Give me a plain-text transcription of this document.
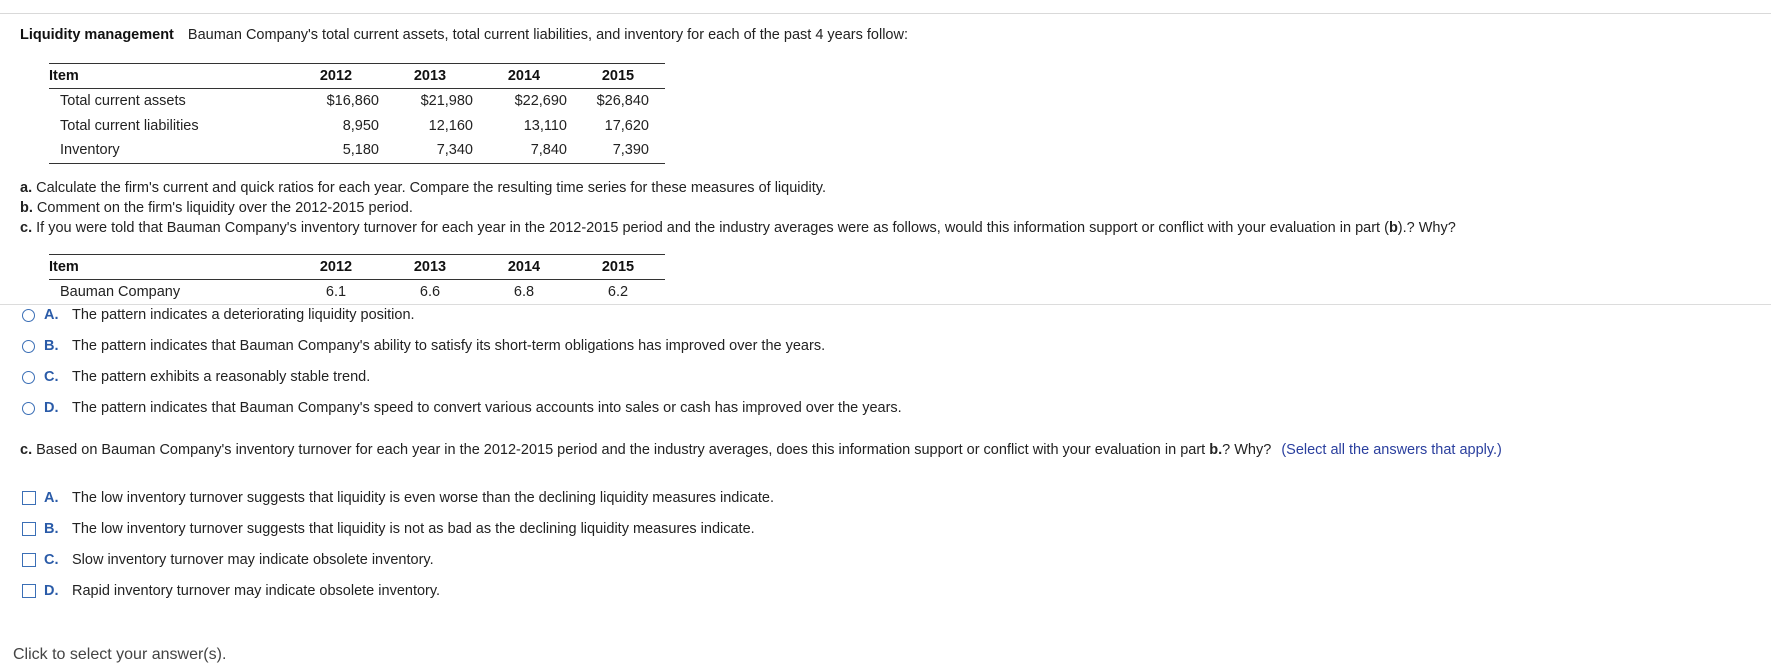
Liquidity management Bauman Company's total current assets, total current liabilities, and inventory for each of the past 4 years follow:
Item	2012	2013	2014	2015
Total current assets	$16,860	$21,980	$22,690	$26,840
Total current liabilities	8,950	12,160	13,110	17,620
Inventory	5,180	7,340	7,840	7,390
a. Calculate the firm's current and quick ratios for each year. Compare the resulting time series for these measures of liquidity.
b. Comment on the firm's liquidity over the 2012-2015 period.
c. If you were told that Bauman Company's inventory turnover for each year in the 2012-2015 period and the industry averages were as follows, would this information support or conflict with your evaluation in part (b).? Why?
Item	2012	2013	2014	2015
Bauman Company	6.1	6.6	6.8	6.2
A. The pattern indicates a deteriorating liquidity position.
B. The pattern indicates that Bauman Company's ability to satisfy its short-term obligations has improved over the years.
C. The pattern exhibits a reasonably stable trend.
D. The pattern indicates that Bauman Company's speed to convert various accounts into sales or cash has improved over the years.
c. Based on Bauman Company's inventory turnover for each year in the 2012-2015 period and the industry averages, does this information support or conflict with your evaluation in part b.? Why? (Select all the answers that apply.)
A. The low inventory turnover suggests that liquidity is even worse than the declining liquidity measures indicate.
B. The low inventory turnover suggests that liquidity is not as bad as the declining liquidity measures indicate.
C. Slow inventory turnover may indicate obsolete inventory.
D. Rapid inventory turnover may indicate obsolete inventory.
Click to select your answer(s).
